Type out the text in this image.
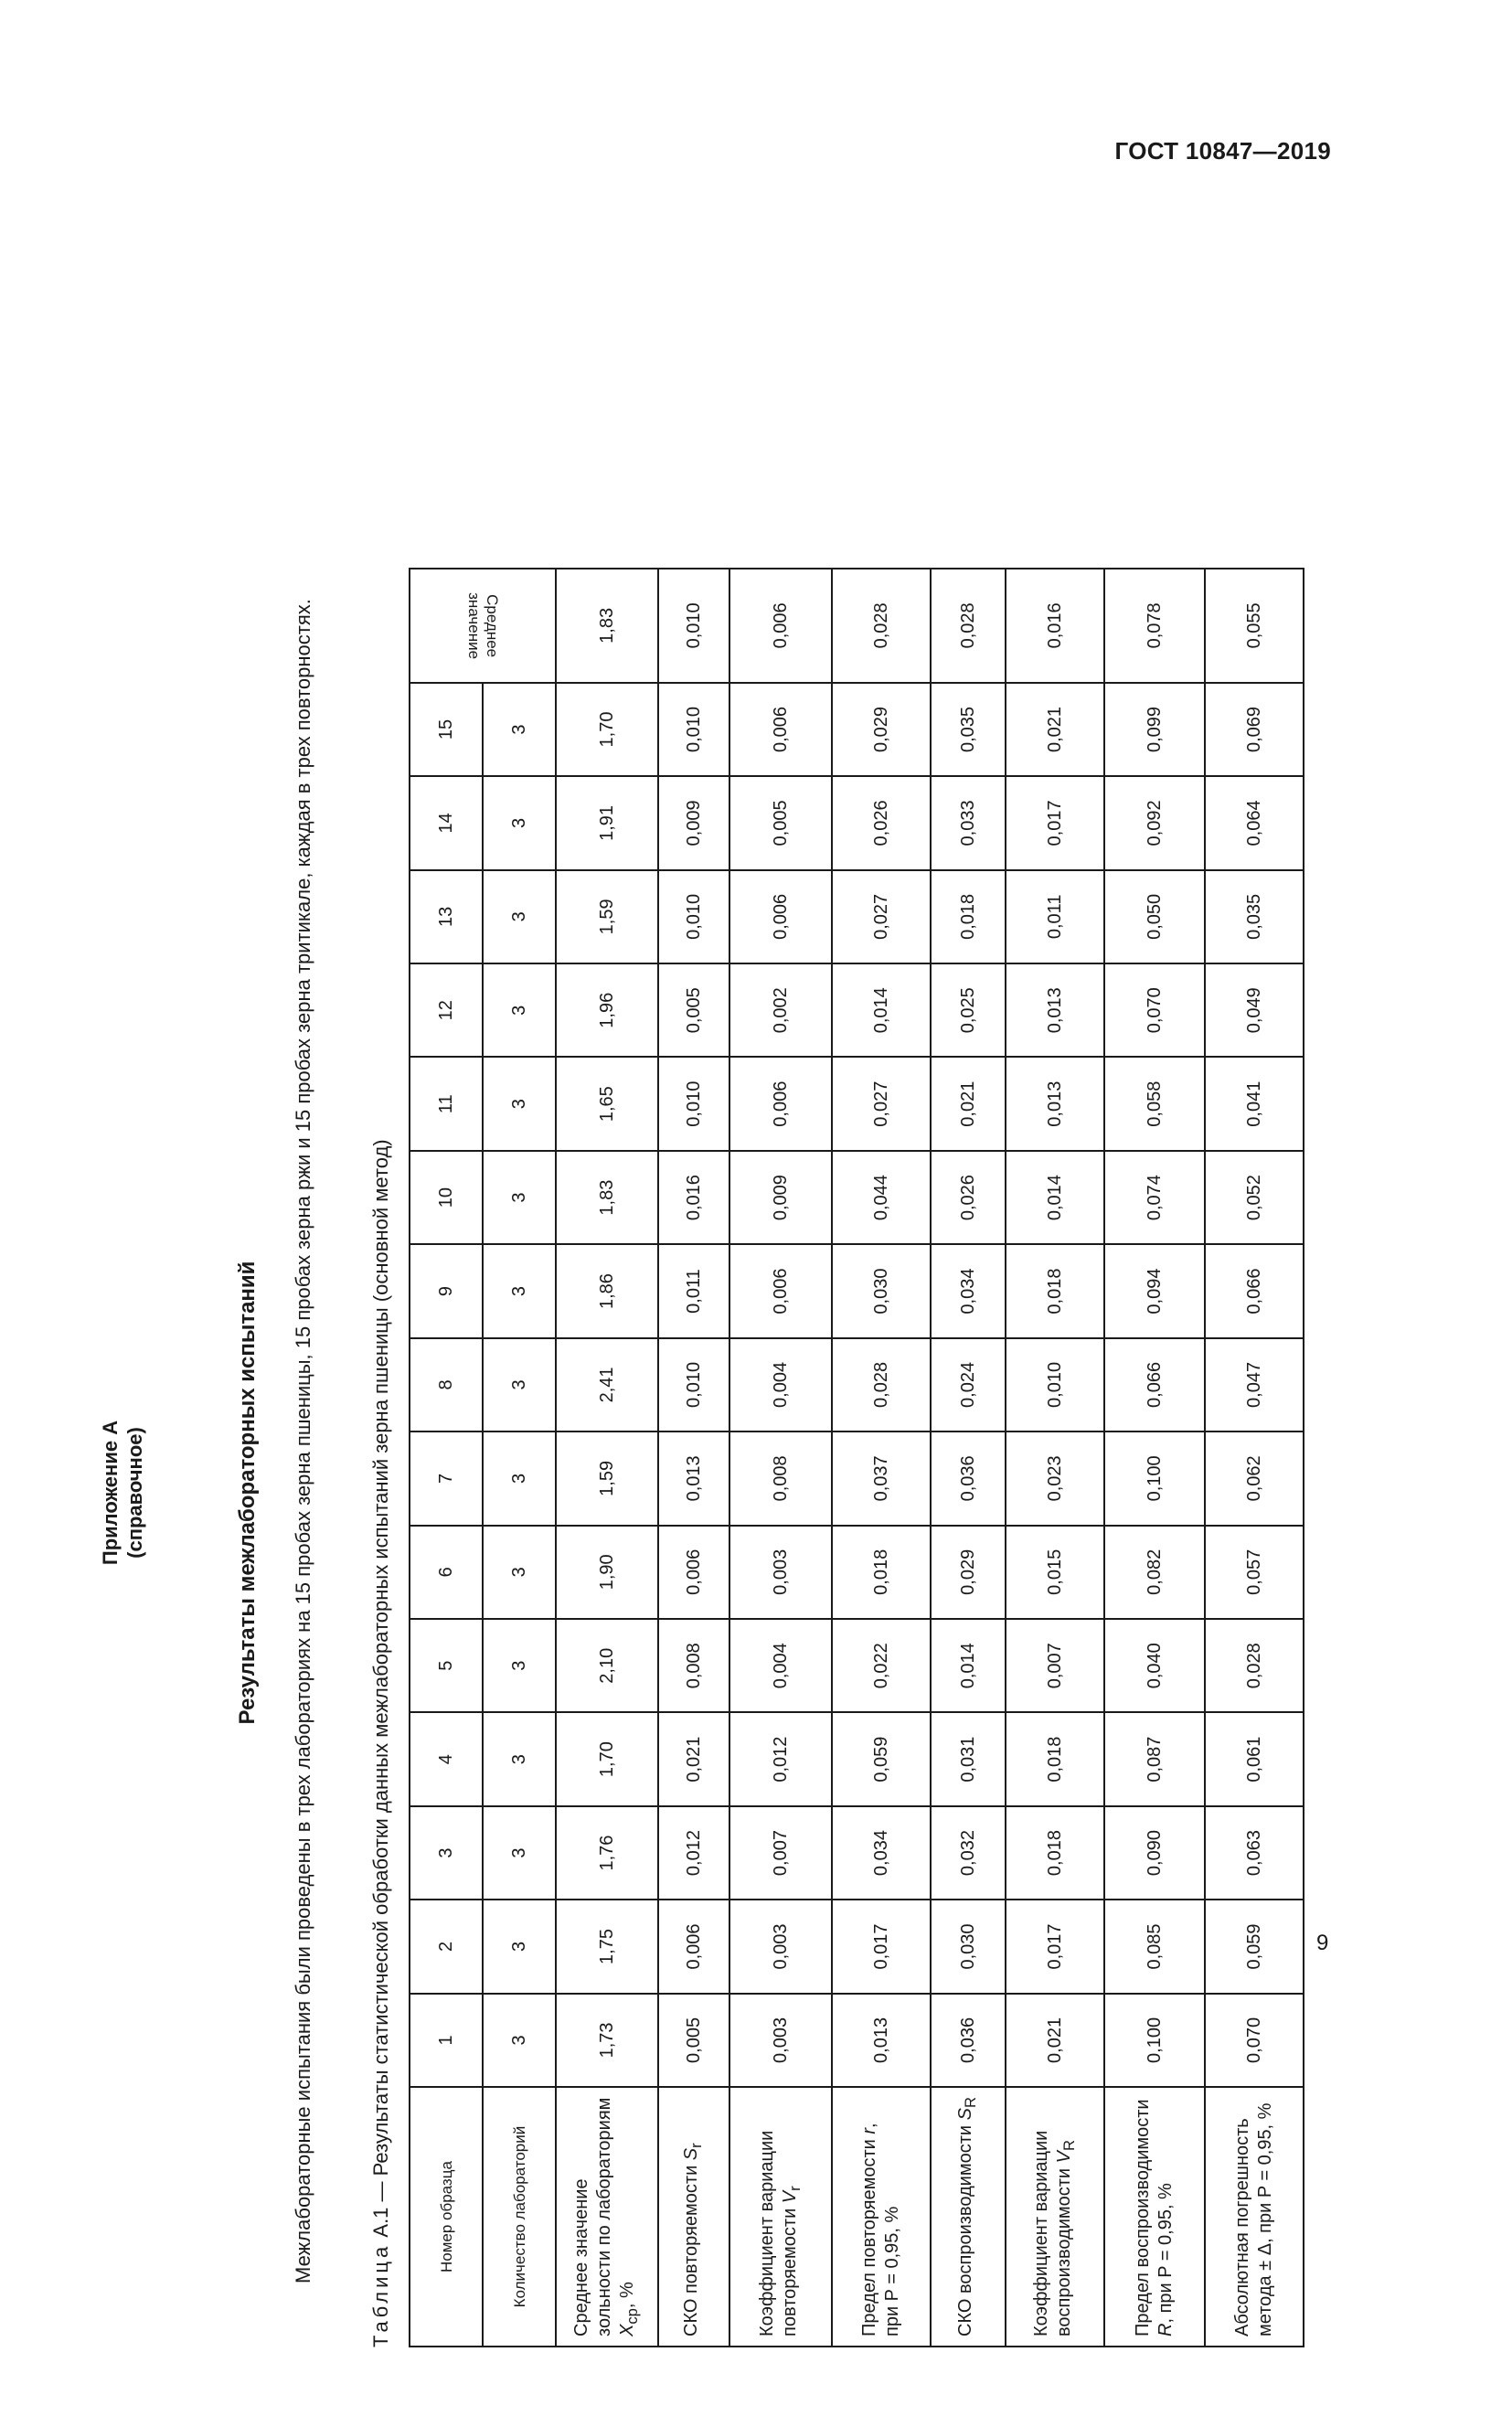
ГОСТ 10847—2019
9
Приложение А (справочное)	Результаты межлабораторных испытаний Межлабораторные испытания были проведены в трех лабораториях на 15 пробах зерна пшеницы, 15 пробах зерна ржи и 15 пробах зерна тритикале, каждая в трех повторностях.
Таблица А.1 — Результаты статистической обработки данных межлабораторных испытаний зерна пшеницы (основной метод)
Номер образца	1	2	3	4	5	6	7	8	9	10	11	12	13	14	15	Среднее значение

Количество лабораторий	3	3	3	3	3	3	3	3	3	3	3	3	3	3	3	
Среднее значение зольности по лабораториям $X_{ср}$, %	1,73	1,75	1,76	1,70	2,10	1,90	1,59	2,41	1,86	1,83	1,65	1,96	1,59	1,91	1,70	1,83
СКО повторяемости $S_r$	0,005	0,006	0,012	0,021	0,008	0,006	0,013	0,010	0,011	0,016	0,010	0,005	0,010	0,009	0,010	0,010
Коэффициент вариации повторяемости $V_r$	0,003	0,003	0,007	0,012	0,004	0,003	0,008	0,004	0,006	0,009	0,006	0,002	0,006	0,005	0,006	0,006
Предел повторяемости r, при P = 0,95, %	0,013	0,017	0,034	0,059	0,022	0,018	0,037	0,028	0,030	0,044	0,027	0,014	0,027	0,026	0,029	0,028
СКО воспроизводимости $S_R$	0,036	0,030	0,032	0,031	0,014	0,029	0,036	0,024	0,034	0,026	0,021	0,025	0,018	0,033	0,035	0,028
Коэффициент вариации воспроизводимости $V_R$	0,021	0,017	0,018	0,018	0,007	0,015	0,023	0,010	0,018	0,014	0,013	0,013	0,011	0,017	0,021	0,016
Предел воспроизводимости R, при P = 0,95, %	0,100	0,085	0,090	0,087	0,040	0,082	0,100	0,066	0,094	0,074	0,058	0,070	0,050	0,092	0,099	0,078
Абсолютная погрешность метода ± Δ, при P = 0,95, %	0,070	0,059	0,063	0,061	0,028	0,057	0,062	0,047	0,066	0,052	0,041	0,049	0,035	0,064	0,069	0,055
